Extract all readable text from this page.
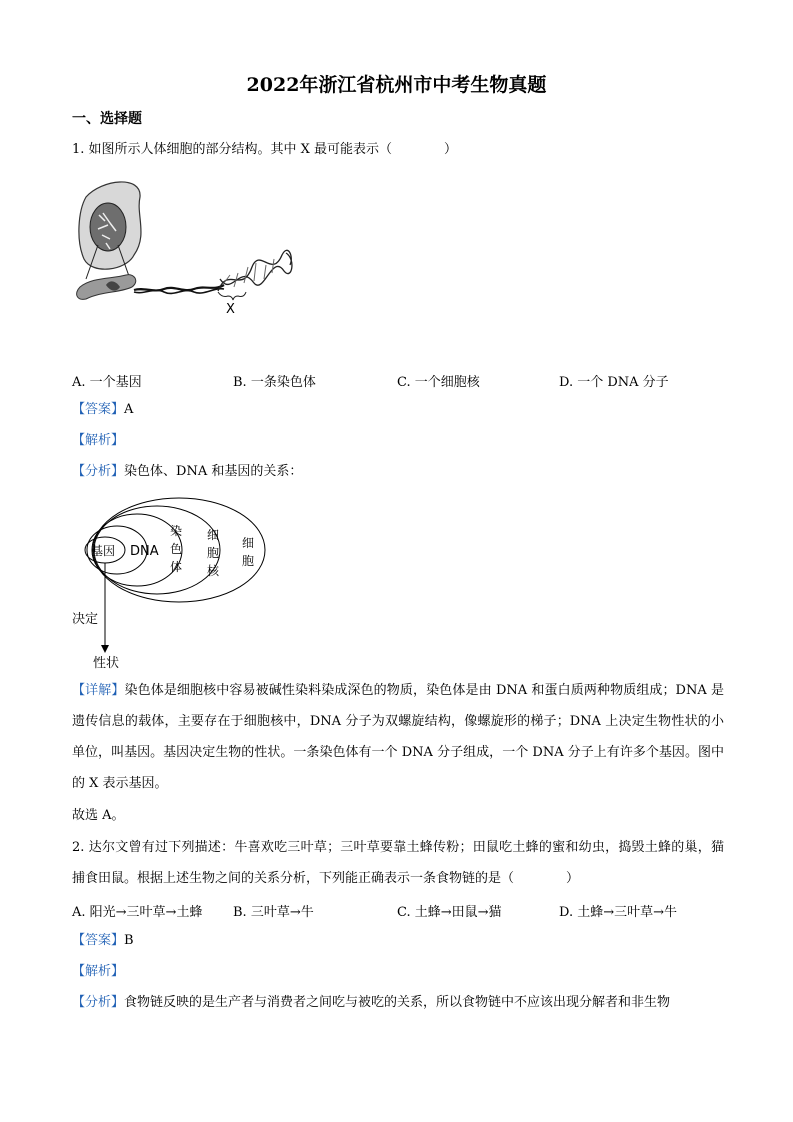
2022年浙江省杭州市中考生物真题
一、选择题
1. 如图所示人体细胞的部分结构。其中 X 最可能表示（　　　　）
X
A. 一个基因	B. 一条染色体	C. 一个细胞核	D. 一个 DNA 分子
【答案】A
【解析】
【分析】染色体、DNA 和基因的关系：
基因 DNA
染
色
体
细
胞
核
细
胞
决定
性状
【详解】染色体是细胞核中容易被碱性染料染成深色的物质，染色体是由 DNA 和蛋白质两种物质组成；DNA 是遗传信息的载体，主要存在于细胞核中，DNA 分子为双螺旋结构，像螺旋形的梯子；DNA 上决定生物性状的小单位，叫基因。基因决定生物的性状。一条染色体有一个 DNA 分子组成，一个 DNA 分子上有许多个基因。图中的 X 表示基因。
故选 A。
2. 达尔文曾有过下列描述：牛喜欢吃三叶草；三叶草要靠土蜂传粉；田鼠吃土蜂的蜜和幼虫，捣毁土蜂的巢，猫捕食田鼠。根据上述生物之间的关系分析，下列能正确表示一条食物链的是（　　　　）
A. 阳光→三叶草→土蜂 B. 三叶草→牛	C. 土蜂→田鼠→猫	D. 土蜂→三叶草→牛
【答案】B
【解析】
【分析】食物链反映的是生产者与消费者之间吃与被吃的关系，所以食物链中不应该出现分解者和非生物
